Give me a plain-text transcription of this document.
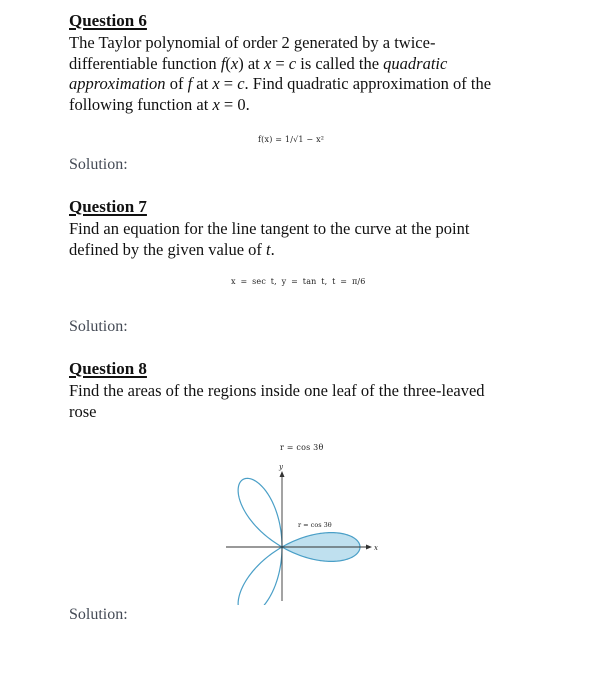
Question 6
The Taylor polynomial of order 2 generated by a twice-
differentiable function f(x) at x = c is called the quadratic
approximation of f at x = c. Find quadratic approximation of the
following function at x = 0.
f(x) = 1/√1 − x²
Solution:
Question 7
Find an equation for the line tangent to the curve at the point
defined by the given value of t.
x = sec t, y = tan t, t = π/6
Solution:
Question 8
Find the areas of the regions inside one leaf of the three-leaved
rose
r = cos 3θ
x
y
r = cos 3θ
Solution:
